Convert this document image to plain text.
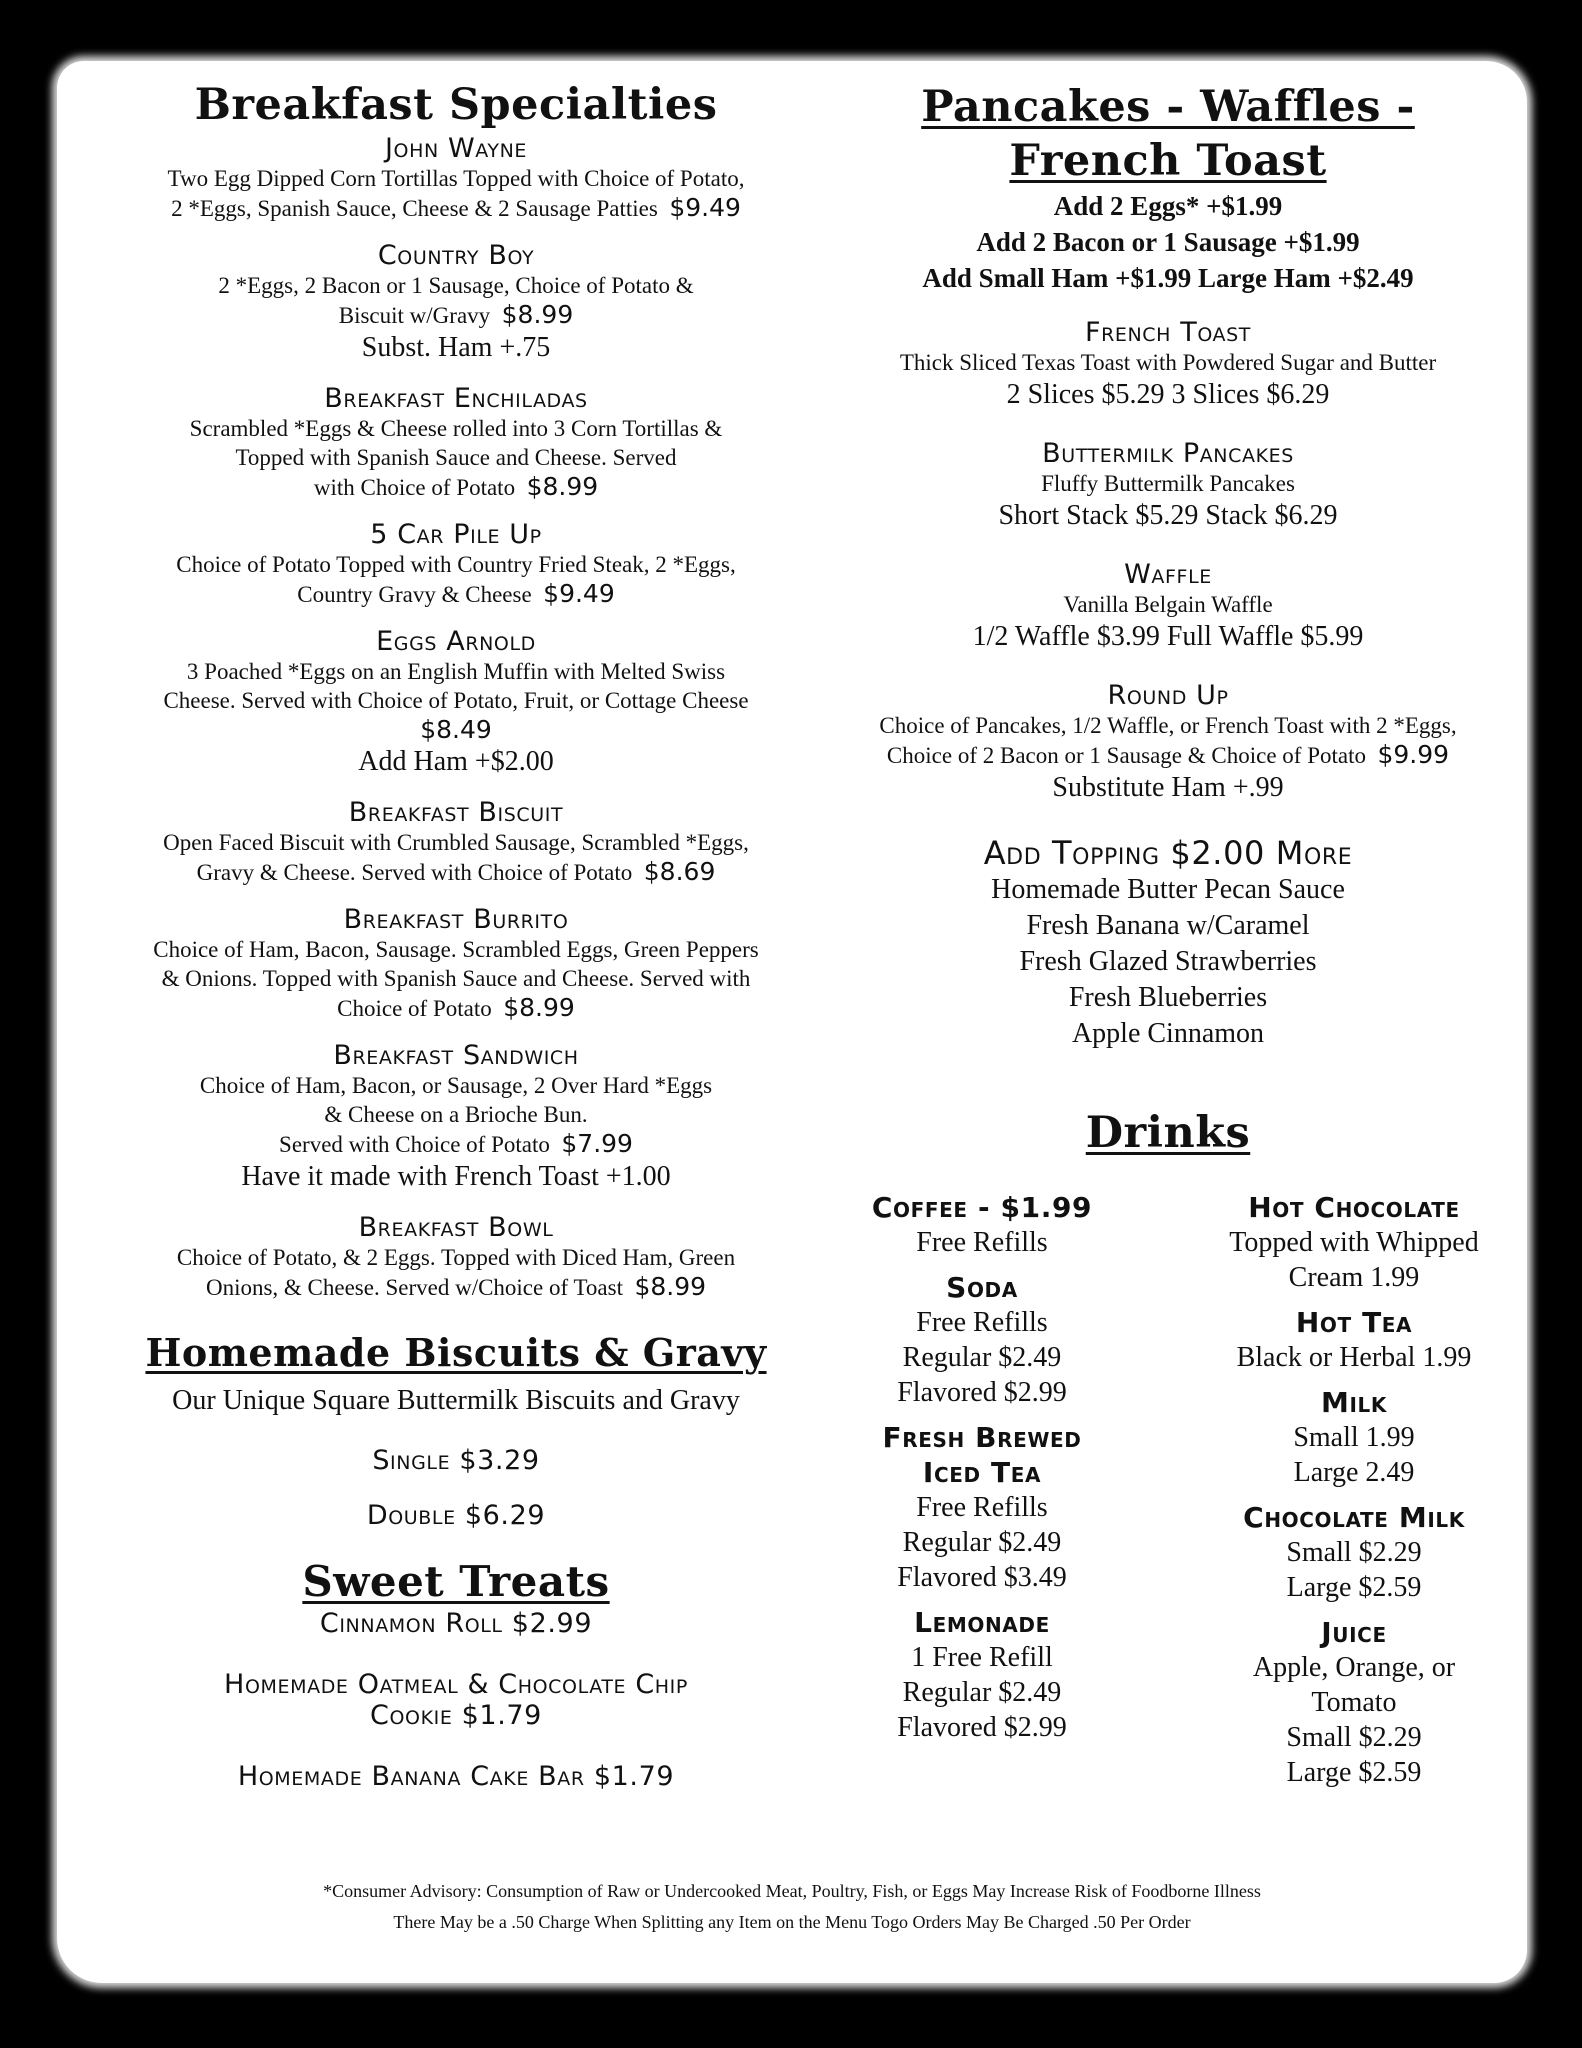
Breakfast Specialties
John Wayne
Two Egg Dipped Corn Tortillas Topped with Choice of Potato,
2 *Eggs, Spanish Sauce, Cheese & 2 Sausage Patties $9.49
Country Boy
2 *Eggs, 2 Bacon or 1 Sausage, Choice of Potato &
Biscuit w/Gravy $8.99
Subst. Ham +.75
Breakfast Enchiladas
Scrambled *Eggs & Cheese rolled into 3 Corn Tortillas &
Topped with Spanish Sauce and Cheese. Served
with Choice of Potato $8.99
5 Car Pile Up
Choice of Potato Topped with Country Fried Steak, 2 *Eggs,
Country Gravy & Cheese $9.49
Eggs Arnold
3 Poached *Eggs on an English Muffin with Melted Swiss
Cheese. Served with Choice of Potato, Fruit, or Cottage Cheese
$8.49
Add Ham +$2.00
Breakfast Biscuit
Open Faced Biscuit with Crumbled Sausage, Scrambled *Eggs,
Gravy & Cheese. Served with Choice of Potato $8.69
Breakfast Burrito
Choice of Ham, Bacon, Sausage. Scrambled Eggs, Green Peppers
& Onions. Topped with Spanish Sauce and Cheese. Served with
Choice of Potato $8.99
Breakfast Sandwich
Choice of Ham, Bacon, or Sausage, 2 Over Hard *Eggs
& Cheese on a Brioche Bun.
Served with Choice of Potato $7.99
Have it made with French Toast +1.00
Breakfast Bowl
Choice of Potato, & 2 Eggs. Topped with Diced Ham, Green
Onions, & Cheese. Served w/Choice of Toast $8.99
Homemade Biscuits & Gravy
Our Unique Square Buttermilk Biscuits and Gravy
Single $3.29
Double $6.29
Sweet Treats
Cinnamon Roll $2.99
Homemade Oatmeal & Chocolate Chip
Cookie $1.79
Homemade Banana Cake Bar $1.79
Pancakes - Waffles -
French Toast
Add 2 Eggs* +$1.99
Add 2 Bacon or 1 Sausage +$1.99
Add Small Ham +$1.99 Large Ham +$2.49
French Toast
Thick Sliced Texas Toast with Powdered Sugar and Butter
2 Slices $5.29 3 Slices $6.29
Buttermilk Pancakes
Fluffy Buttermilk Pancakes
Short Stack $5.29 Stack $6.29
Waffle
Vanilla Belgain Waffle
1/2 Waffle $3.99 Full Waffle $5.99
Round Up
Choice of Pancakes, 1/2 Waffle, or French Toast with 2 *Eggs,
Choice of 2 Bacon or 1 Sausage & Choice of Potato $9.99
Substitute Ham +.99
Add Topping $2.00 More
Homemade Butter Pecan Sauce
Fresh Banana w/Caramel
Fresh Glazed Strawberries
Fresh Blueberries
Apple Cinnamon
Drinks
Coffee - $1.99
Free Refills
Soda
Free Refills
Regular $2.49
Flavored $2.99
Fresh Brewed
Iced Tea
Free Refills
Regular $2.49
Flavored $3.49
Lemonade
1 Free Refill
Regular $2.49
Flavored $2.99
Hot Chocolate
Topped with Whipped
Cream 1.99
Hot Tea
Black or Herbal 1.99
Milk
Small 1.99
Large 2.49
Chocolate Milk
Small $2.29
Large $2.59
Juice
Apple, Orange, or
Tomato
Small $2.29
Large $2.59
*Consumer Advisory: Consumption of Raw or Undercooked Meat, Poultry, Fish, or Eggs May Increase Risk of Foodborne Illness
There May be a .50 Charge When Splitting any Item on the Menu Togo Orders May Be Charged .50 Per Order
